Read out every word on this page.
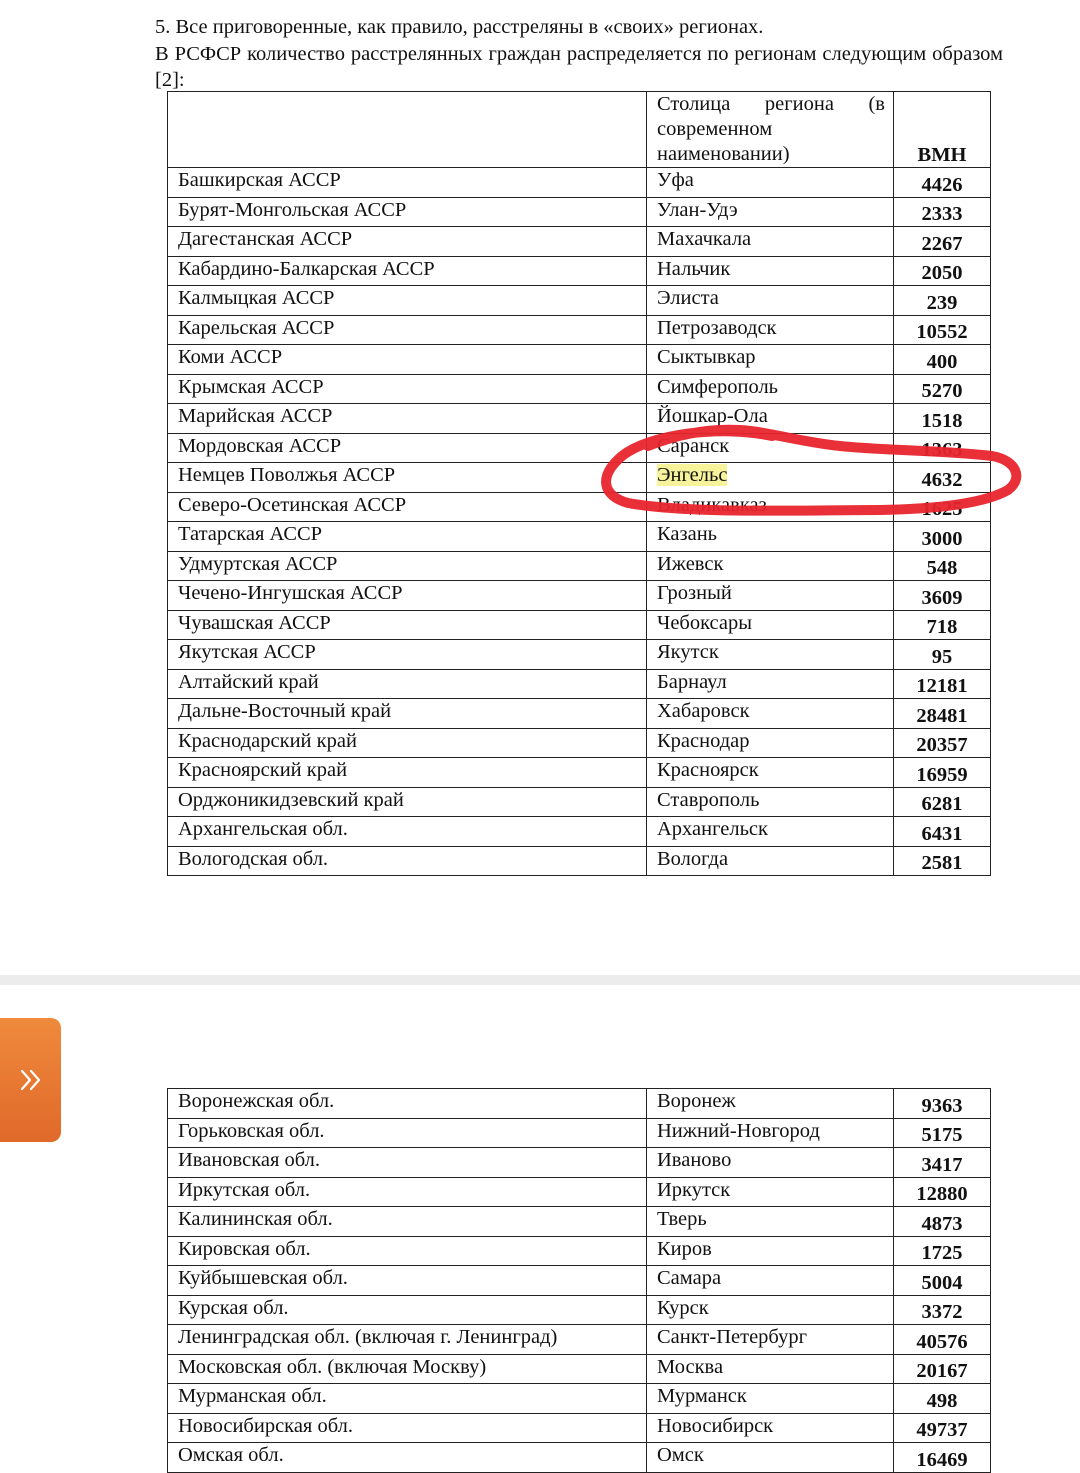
5. Все приговоренные, как правило, расстреляны в «своих» регионах.
В РСФСР количество расстрелянных граждан распределяется по регионам следующим образом [2]:
	Столица региона (в современном наименовании)	ВМН
Башкирская АССР	Уфа	4426
Бурят-Монгольская АССР	Улан-Удэ	2333
Дагестанская АССР	Махачкала	2267
Кабардино-Балкарская АССР	Нальчик	2050
Калмыцкая АССР	Элиста	239
Карельская АССР	Петрозаводск	10552
Коми АССР	Сыктывкар	400
Крымская АССР	Симферополь	5270
Марийская АССР	Йошкар-Ола	1518
Мордовская АССР	Саранск	1363
Немцев Поволжья АССР	Энгельс	4632
Северо-Осетинская АССР	Владикавказ	1625
Татарская АССР	Казань	3000
Удмуртская АССР	Ижевск	548
Чечено-Ингушская АССР	Грозный	3609
Чувашская АССР	Чебоксары	718
Якутская АССР	Якутск	95
Алтайский край	Барнаул	12181
Дальне-Восточный край	Хабаровск	28481
Краснодарский край	Краснодар	20357
Красноярский край	Красноярск	16959
Орджоникидзевский край	Ставрополь	6281
Архангельская обл.	Архангельск	6431
Вологодская обл.	Вологда	2581
Воронежская обл.	Воронеж	9363
Горьковская обл.	Нижний-Новгород	5175
Ивановская обл.	Иваново	3417
Иркутская обл.	Иркутск	12880
Калининская обл.	Тверь	4873
Кировская обл.	Киров	1725
Куйбышевская обл.	Самара	5004
Курская обл.	Курск	3372
Ленинградская обл. (включая г. Ленинград)	Санкт-Петербург	40576
Московская обл. (включая Москву)	Москва	20167
Мурманская обл.	Мурманск	498
Новосибирская обл.	Новосибирск	49737
Омская обл.	Омск	16469
